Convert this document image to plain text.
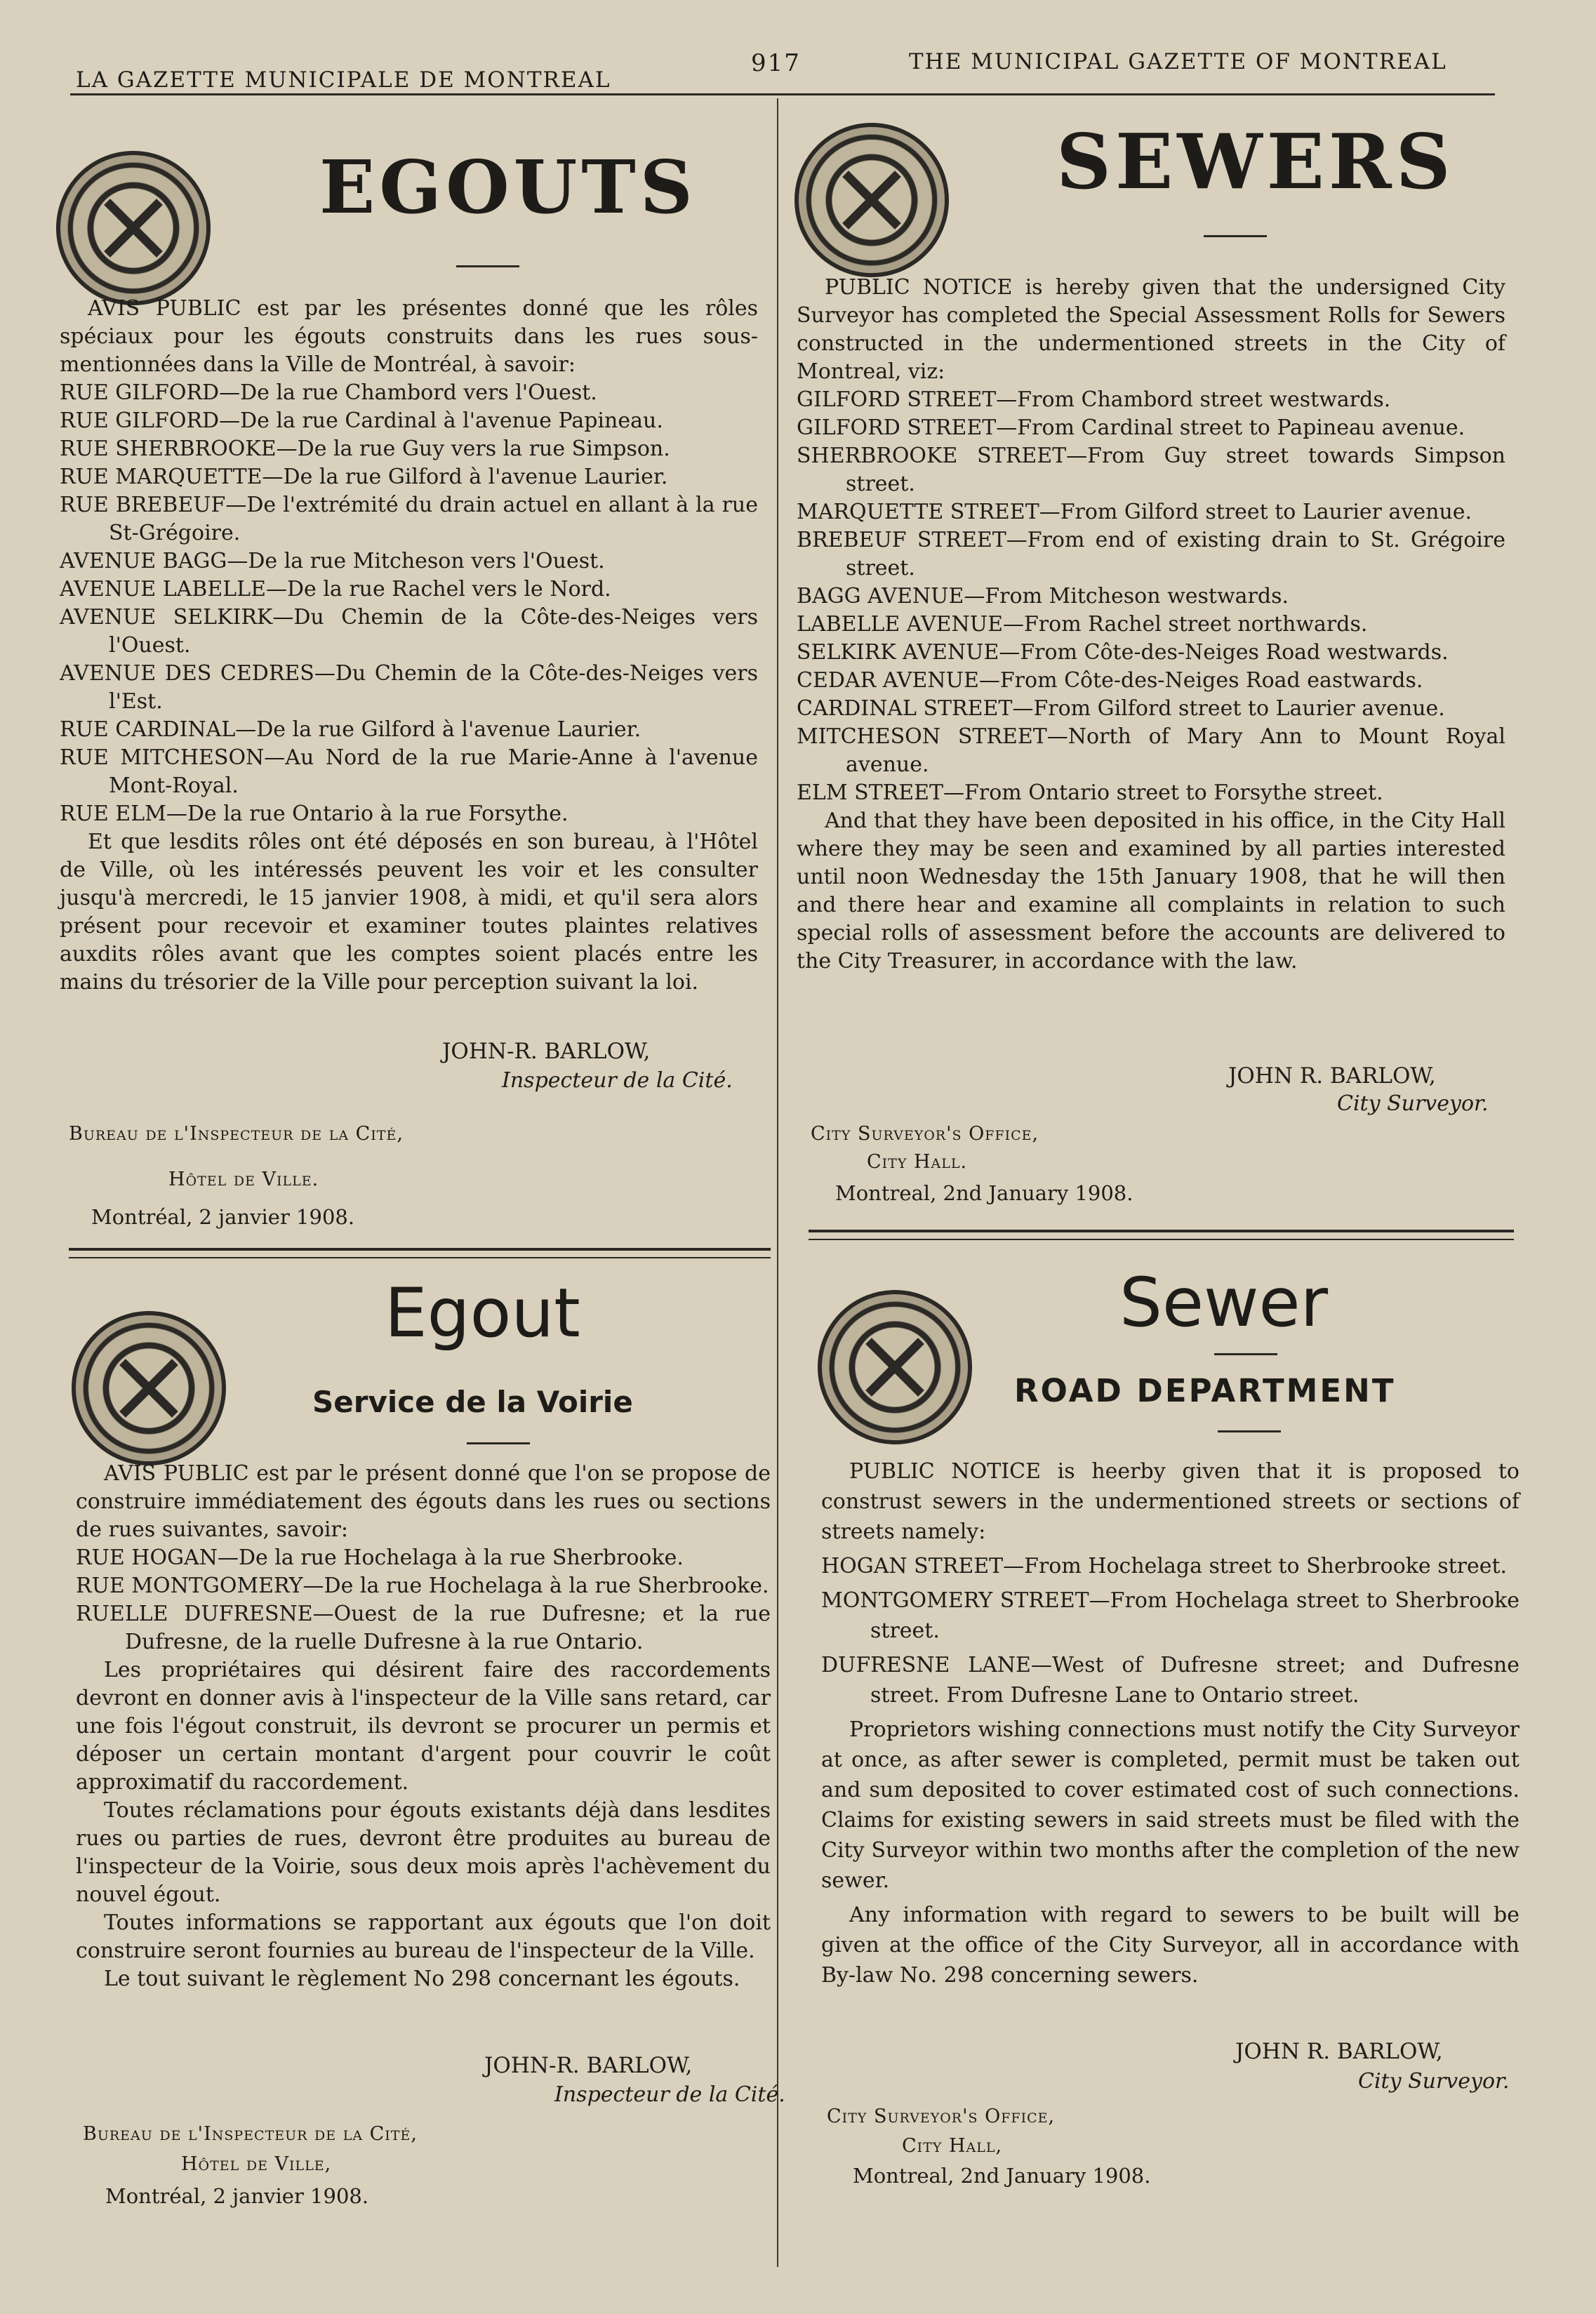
LA GAZETTE MUNICIPALE DE MONTREAL
917	THE MUNICIPAL GAZETTE OF MONTREAL
EGOUTS

AVIS PUBLIC est par les présentes donné que les rôles spéciaux pour les égouts construits dans les rues sous-mentionnées dans la Ville de Montréal, à savoir:

RUE GILFORD—De la rue Chambord vers l'Ouest.

RUE GILFORD—De la rue Cardinal à l'avenue Papineau.

RUE SHERBROOKE—De la rue Guy vers la rue Simpson.

RUE MARQUETTE—De la rue Gilford à l'avenue Laurier.

RUE BREBEUF—De l'extrémité du drain actuel en allant à la rue St-Grégoire.

AVENUE BAGG—De la rue Mitcheson vers l'Ouest.

AVENUE LABELLE—De la rue Rachel vers le Nord.

AVENUE SELKIRK—Du Chemin de la Côte-des-Neiges vers l'Ouest.

AVENUE DES CEDRES—Du Chemin de la Côte-des-Neiges vers l'Est.

RUE CARDINAL—De la rue Gilford à l'avenue Laurier.

RUE MITCHESON—Au Nord de la rue Marie-Anne à l'avenue Mont-Royal.

RUE ELM—De la rue Ontario à la rue Forsythe.

Et que lesdits rôles ont été déposés en son bureau, à l'Hôtel de Ville, où les intéressés peuvent les voir et les consulter jusqu'à mercredi, le 15 janvier 1908, à midi, et qu'il sera alors présent pour recevoir et examiner toutes plaintes relatives auxdits rôles avant que les comptes soient placés entre les mains du trésorier de la Ville pour perception suivant la loi.

JOHN-R. BARLOW,
Inspecteur de la Cité.
Bureau de l'Inspecteur de la Cité,
Hôtel de Ville.
Montréal, 2 janvier 1908.
SEWERS

PUBLIC NOTICE is hereby given that the undersigned City Surveyor has completed the Special Assessment Rolls for Sewers constructed in the undermentioned streets in the City of Montreal, viz:

GILFORD STREET—From Chambord street westwards.

GILFORD STREET—From Cardinal street to Papineau avenue.

SHERBROOKE STREET—From Guy street towards Simpson street.

MARQUETTE STREET—From Gilford street to Laurier avenue.

BREBEUF STREET—From end of existing drain to St. Grégoire street.

BAGG AVENUE—From Mitcheson westwards.

LABELLE AVENUE—From Rachel street northwards.

SELKIRK AVENUE—From Côte-des-Neiges Road westwards.

CEDAR AVENUE—From Côte-des-Neiges Road eastwards.

CARDINAL STREET—From Gilford street to Laurier avenue.

MITCHESON STREET—North of Mary Ann to Mount Royal avenue.

ELM STREET—From Ontario street to Forsythe street.

And that they have been deposited in his office, in the City Hall where they may be seen and examined by all parties interested until noon Wednesday the 15th January 1908, that he will then and there hear and examine all complaints in relation to such special rolls of assessment before the accounts are delivered to the City Treasurer, in accordance with the law.

JOHN R. BARLOW,
City Surveyor.
City Surveyor's Office,
City Hall.
Montreal, 2nd January 1908.
Egout
Service de la Voirie

AVIS PUBLIC est par le présent donné que l'on se propose de construire immédiatement des égouts dans les rues ou sections de rues suivantes, savoir:

RUE HOGAN—De la rue Hochelaga à la rue Sherbrooke.

RUE MONTGOMERY—De la rue Hochelaga à la rue Sherbrooke.

RUELLE DUFRESNE—Ouest de la rue Dufresne; et la rue Dufresne, de la ruelle Dufresne à la rue Ontario.

Les propriétaires qui désirent faire des raccordements devront en donner avis à l'inspecteur de la Ville sans retard, car une fois l'égout construit, ils devront se procurer un permis et déposer un certain montant d'argent pour couvrir le coût approximatif du raccordement.

Toutes réclamations pour égouts existants déjà dans lesdites rues ou parties de rues, devront être produites au bureau de l'inspecteur de la Voirie, sous deux mois après l'achèvement du nouvel égout.

Toutes informations se rapportant aux égouts que l'on doit construire seront fournies au bureau de l'inspecteur de la Ville.

Le tout suivant le règlement No 298 concernant les égouts.

JOHN-R. BARLOW,
Inspecteur de la Cité.
Bureau de l'Inspecteur de la Cité,
Hôtel de Ville,
Montréal, 2 janvier 1908.
Sewer
ROAD DEPARTMENT

PUBLIC NOTICE is heerby given that it is proposed to construst sewers in the undermentioned streets or sections of streets namely:

HOGAN STREET—From Hochelaga street to Sherbrooke street.

MONTGOMERY STREET—From Hochelaga street to Sherbrooke street.

DUFRESNE LANE—West of Dufresne street; and Dufresne street. From Dufresne Lane to Ontario street.

Proprietors wishing connections must notify the City Surveyor at once, as after sewer is completed, permit must be taken out and sum deposited to cover estimated cost of such connections. Claims for existing sewers in said streets must be filed with the City Surveyor within two months after the completion of the new sewer.

Any information with regard to sewers to be built will be given at the office of the City Surveyor, all in accordance with By-law No. 298 concerning sewers.

JOHN R. BARLOW,
City Surveyor.
City Surveyor's Office,
City Hall,
Montreal, 2nd January 1908.
